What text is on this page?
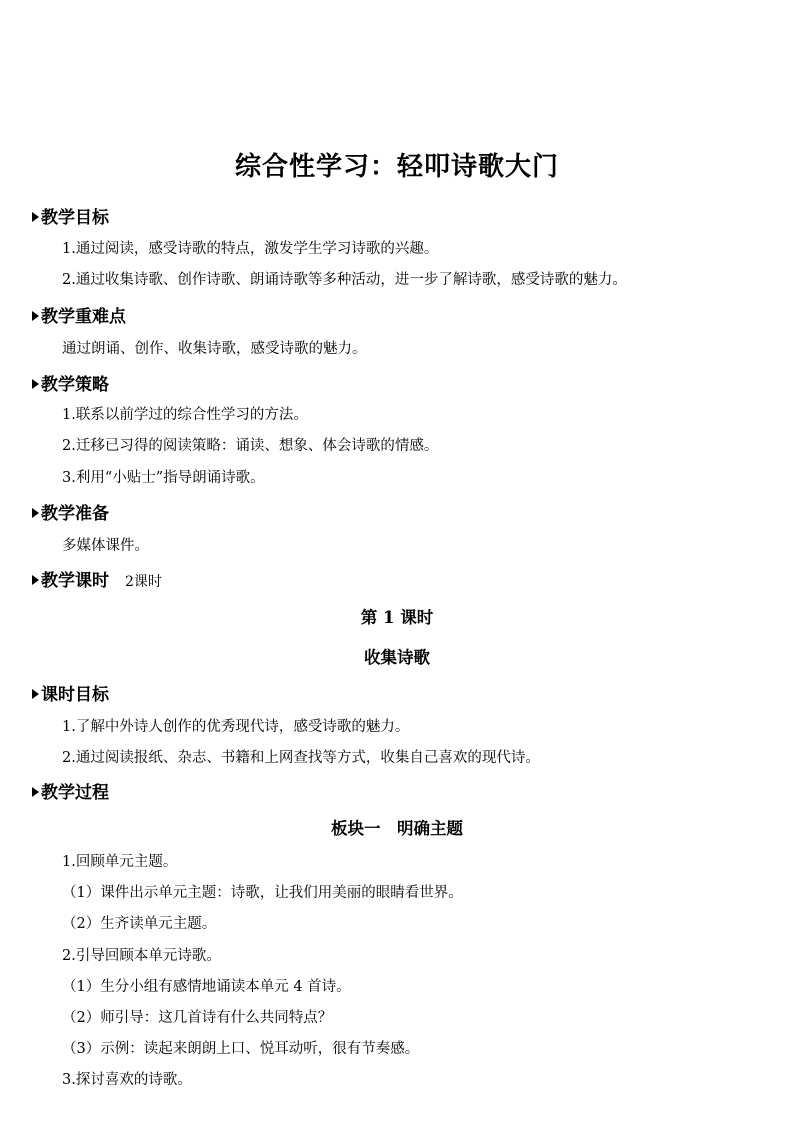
综合性学习：轻叩诗歌大门
教学目标
1.通过阅读，感受诗歌的特点，激发学生学习诗歌的兴趣。
2.通过收集诗歌、创作诗歌、朗诵诗歌等多种活动，进一步了解诗歌，感受诗歌的魅力。
教学重难点
通过朗诵、创作、收集诗歌，感受诗歌的魅力。
教学策略
1.联系以前学过的综合性学习的方法。
2.迁移已习得的阅读策略：诵读、想象、体会诗歌的情感。
3.利用“小贴士”指导朗诵诗歌。
教学准备
多媒体课件。
教学课时 2课时
第 1 课时
收集诗歌
课时目标
1.了解中外诗人创作的优秀现代诗，感受诗歌的魅力。
2.通过阅读报纸、杂志、书籍和上网查找等方式，收集自己喜欢的现代诗。
教学过程
板块一　明确主题
1.回顾单元主题。
（1）课件出示单元主题：诗歌，让我们用美丽的眼睛看世界。
（2）生齐读单元主题。
2.引导回顾本单元诗歌。
（1）生分小组有感情地诵读本单元 4 首诗。
（2）师引导：这几首诗有什么共同特点？
（3）示例：读起来朗朗上口、悦耳动听，很有节奏感。
3.探讨喜欢的诗歌。
